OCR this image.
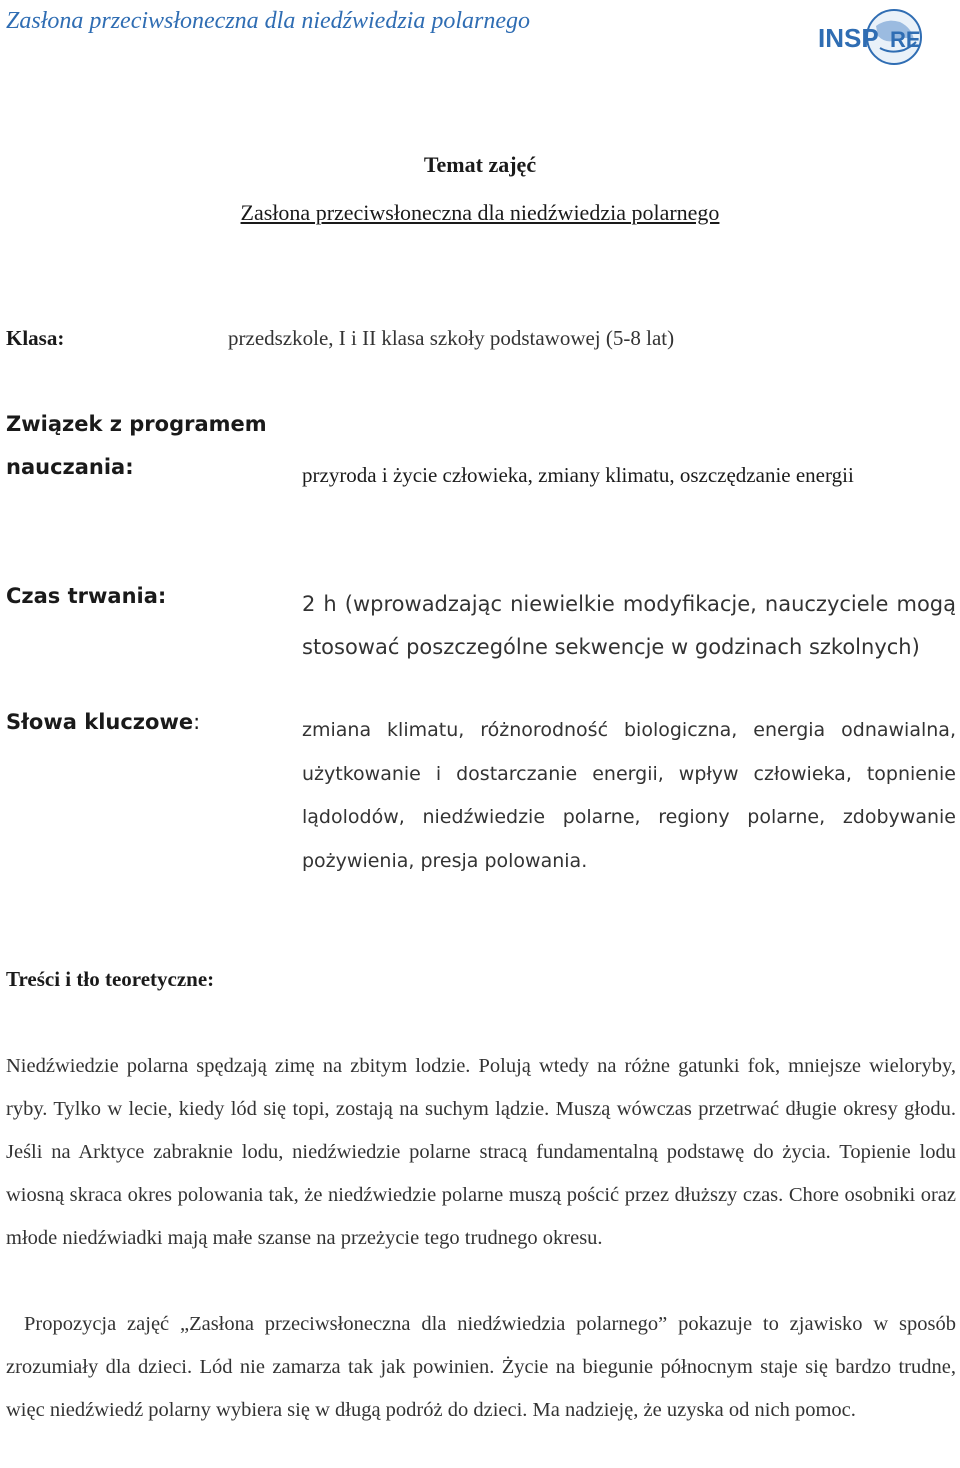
Zasłona przeciwsłoneczna dla niedźwiedzia polarnego
INSP RE
Temat zajęć
Zasłona przeciwsłoneczna dla niedźwiedzia polarnego
Klasa:	przedszkole, I i II klasa szkoły podstawowej (5-8 lat)
Związek z programem
nauczania:	przyroda i życie człowieka, zmiany klimatu, oszczędzanie energii
Czas trwania:	2 h (wprowadzając niewielkie modyfikacje, nauczyciele mogą stosować poszczególne sekwencje w godzinach szkolnych)
Słowa kluczowe:	zmiana klimatu, różnorodność biologiczna, energia odnawialna, użytkowanie i dostarczanie energii, wpływ człowieka, topnienie lądolodów, niedźwiedzie polarne, regiony polarne, zdobywanie pożywienia, presja polowania.
Treści i tło teoretyczne:
Niedźwiedzie polarna spędzają zimę na zbitym lodzie. Polują wtedy na różne gatunki fok, mniejsze wieloryby, ryby. Tylko w lecie, kiedy lód się topi, zostają na suchym lądzie. Muszą wówczas przetrwać długie okresy głodu. Jeśli na Arktyce zabraknie lodu, niedźwiedzie polarne stracą fundamentalną podstawę do życia. Topienie lodu wiosną skraca okres polowania tak, że niedźwiedzie polarne muszą pościć przez dłuższy czas. Chore osobniki oraz młode niedźwiadki mają małe szanse na przeżycie tego trudnego okresu.
Propozycja zajęć „Zasłona przeciwsłoneczna dla niedźwiedzia polarnego” pokazuje to zjawisko w sposób zrozumiały dla dzieci. Lód nie zamarza tak jak powinien. Życie na biegunie północnym staje się bardzo trudne, więc niedźwiedź polarny wybiera się w długą podróż do dzieci. Ma nadzieję, że uzyska od nich pomoc.
